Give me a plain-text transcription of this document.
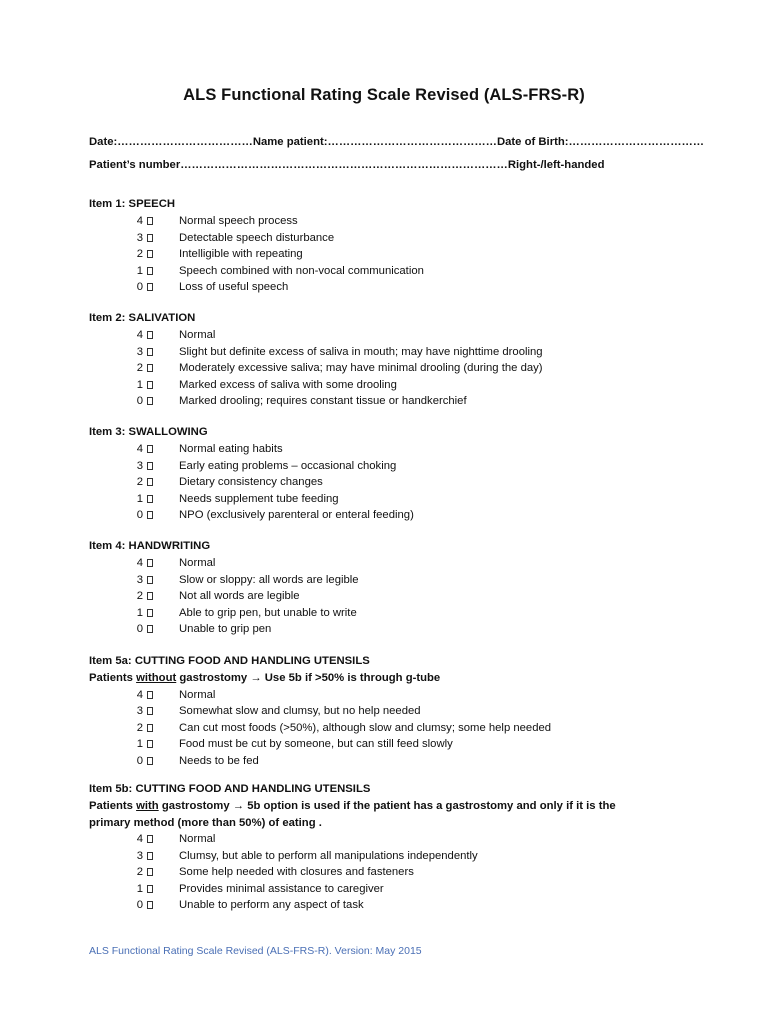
ALS Functional Rating Scale Revised (ALS-FRS-R)
Date:………………………………Name patient:………………………………………Date of Birth:………………………………
Patient’s number……………………………………………………………………………Right-/left-handed
Item 1: SPEECH
4	Normal speech process
3	Detectable speech disturbance
2	Intelligible with repeating
1	Speech combined with non-vocal communication
0	Loss of useful speech
Item 2: SALIVATION
4	Normal
3	Slight but definite excess of saliva in mouth; may have nighttime drooling
2	Moderately excessive saliva; may have minimal drooling (during the day)
1	Marked excess of saliva with some drooling
0	Marked drooling; requires constant tissue or handkerchief
Item 3: SWALLOWING
4	Normal eating habits
3	Early eating problems – occasional choking
2	Dietary consistency changes
1	Needs supplement tube feeding
0	NPO (exclusively parenteral or enteral feeding)
Item 4: HANDWRITING
4	Normal
3	Slow or sloppy: all words are legible
2	Not all words are legible
1	Able to grip pen, but unable to write
0	Unable to grip pen
Item 5a: CUTTING FOOD AND HANDLING UTENSILS
Patients without gastrostomy → Use 5b if >50% is through g-tube
4	Normal
3	Somewhat slow and clumsy, but no help needed
2	Can cut most foods (>50%), although slow and clumsy; some help needed
1	Food must be cut by someone, but can still feed slowly
0	Needs to be fed
Item 5b: CUTTING FOOD AND HANDLING UTENSILS
Patients with gastrostomy → 5b option is used if the patient has a gastrostomy and only if it is the primary method (more than 50%) of eating .
4	Normal
3	Clumsy, but able to perform all manipulations independently
2	Some help needed with closures and fasteners
1	Provides minimal assistance to caregiver
0	Unable to perform any aspect of task
ALS Functional Rating Scale Revised (ALS-FRS-R). Version: May 2015
